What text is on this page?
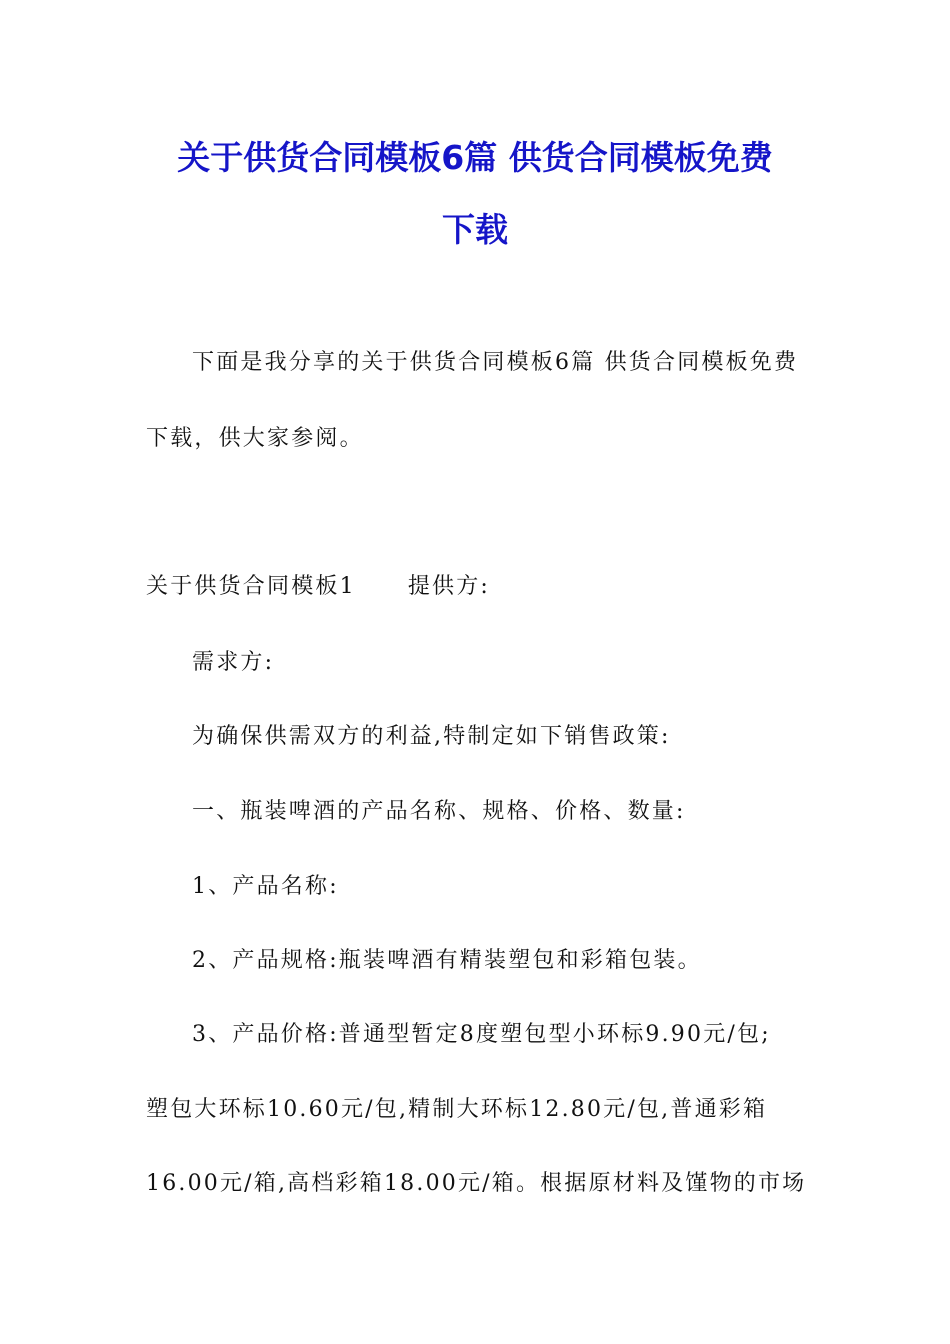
关于供货合同模板6篇 供货合同模板免费
下载

下面是我分享的关于供货合同模板6篇 供货合同模板免费

下载，供大家参阅。

关于供货合同模板1 提供方:

需求方:

为确保供需双方的利益,特制定如下销售政策:

一、瓶装啤酒的产品名称、规格、价格、数量:

1、产品名称:

2、产品规格:瓶装啤酒有精装塑包和彩箱包装。

3、产品价格:普通型暂定8度塑包型小环标9.90元/包;

塑包大环标10.60元/包,精制大环标12.80元/包,普通彩箱

16.00元/箱,高档彩箱18.00元/箱。根据原材料及馑物的市场
